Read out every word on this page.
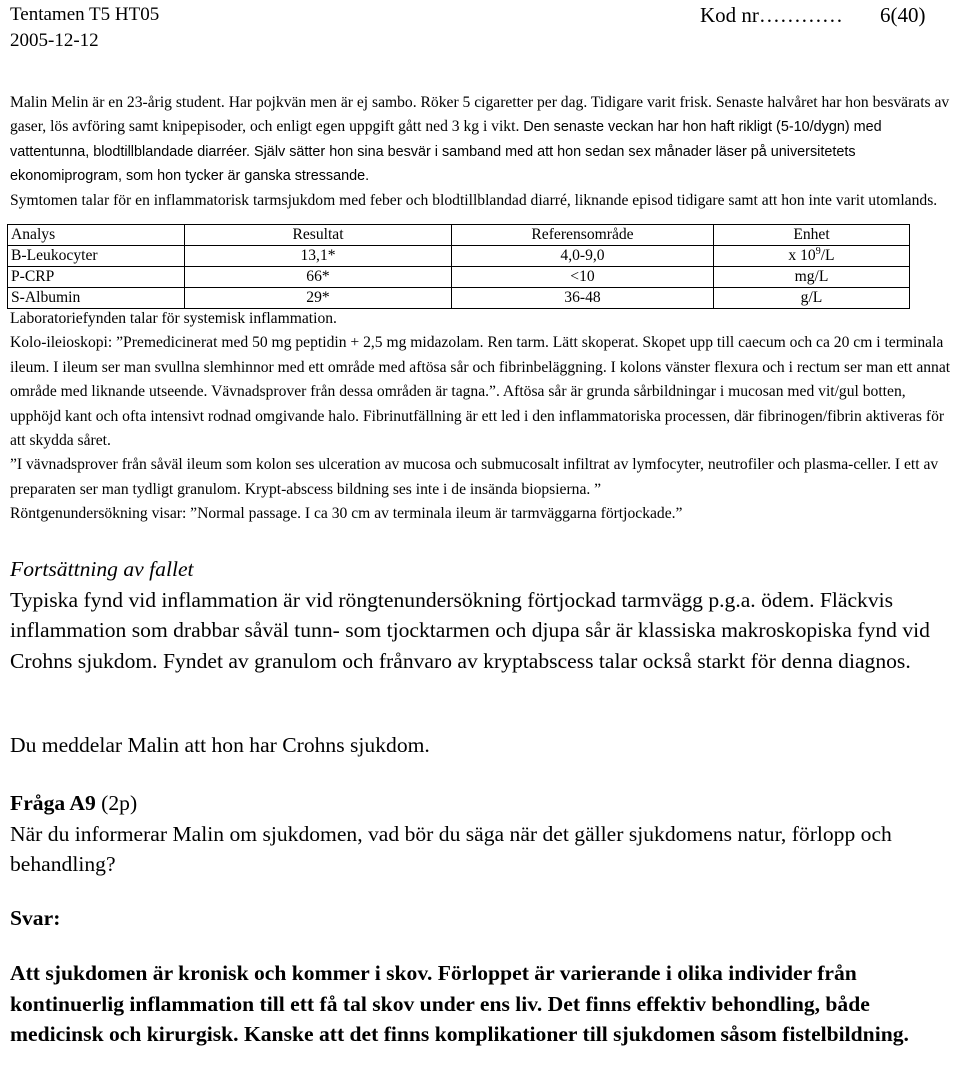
Tentamen T5 HT05
2005-12-12
Kod nr………… 6(40)
Malin Melin är en 23-årig student. Har pojkvän men är ej sambo. Röker 5 cigaretter per dag. Tidigare varit frisk. Senaste halvåret har hon besvärats av gaser, lös avföring samt knipepisoder, och enligt egen uppgift gått ned 3 kg i vikt. Den senaste veckan har hon haft rikligt (5-10/dygn) med vattentunna, blodtillblandade diarréer. Själv sätter hon sina besvär i samband med att hon sedan sex månader läser på universitetets ekonomiprogram, som hon tycker är ganska stressande.
Symtomen talar för en inflammatorisk tarmsjukdom med feber och blodtillblandad diarré, liknande episod tidigare samt att hon inte varit utomlands.
Analys	Resultat	Referensområde	Enhet
B-Leukocyter	13,1*	4,0-9,0	x $10^9/L$
P-CRP	66*	<10	mg/L
S-Albumin	29*	36-48	g/L
Laboratoriefynden talar för systemisk inflammation.
Kolo-ileioskopi: ”Premedicinerat med 50 mg peptidin + 2,5 mg midazolam. Ren tarm. Lätt skoperat. Skopet upp till caecum och ca 20 cm i terminala ileum. I ileum ser man svullna slemhinnor med ett område med aftösa sår och fibrinbeläggning. I kolons vänster flexura och i rectum ser man ett annat område med liknande utseende. Vävnadsprover från dessa områden är tagna.”. Aftösa sår är grunda sårbildningar i mucosan med vit/gul botten, upphöjd kant och ofta intensivt rodnad omgivande halo. Fibrinutfällning är ett led i den inflammatoriska processen, där fibrinogen/fibrin aktiveras för att skydda såret.
”I vävnadsprover från såväl ileum som kolon ses ulceration av mucosa och submucosalt infiltrat av lymfocyter, neutrofiler och plasma-celler. I ett av preparaten ser man tydligt granulom. Krypt-abscess bildning ses inte i de insända biopsierna. ”
Röntgenundersökning visar: ”Normal passage. I ca 30 cm av terminala ileum är tarmväggarna förtjockade.”
Fortsättning av fallet
Typiska fynd vid inflammation är vid röngtenundersökning förtjockad tarmvägg p.g.a. ödem. Fläckvis inflammation som drabbar såväl tunn- som tjocktarmen och djupa sår är klassiska makroskopiska fynd vid Crohns sjukdom. Fyndet av granulom och frånvaro av kryptabscess talar också starkt för denna diagnos.
Du meddelar Malin att hon har Crohns sjukdom.
Fråga A9 (2p)
När du informerar Malin om sjukdomen, vad bör du säga när det gäller sjukdomens natur, förlopp och behandling?
Svar:
Att sjukdomen är kronisk och kommer i skov. Förloppet är varierande i olika individer från kontinuerlig inflammation till ett få tal skov under ens liv. Det finns effektiv behondling, både medicinsk och kirurgisk. Kanske att det finns komplikationer till sjukdomen såsom fistelbildning.
